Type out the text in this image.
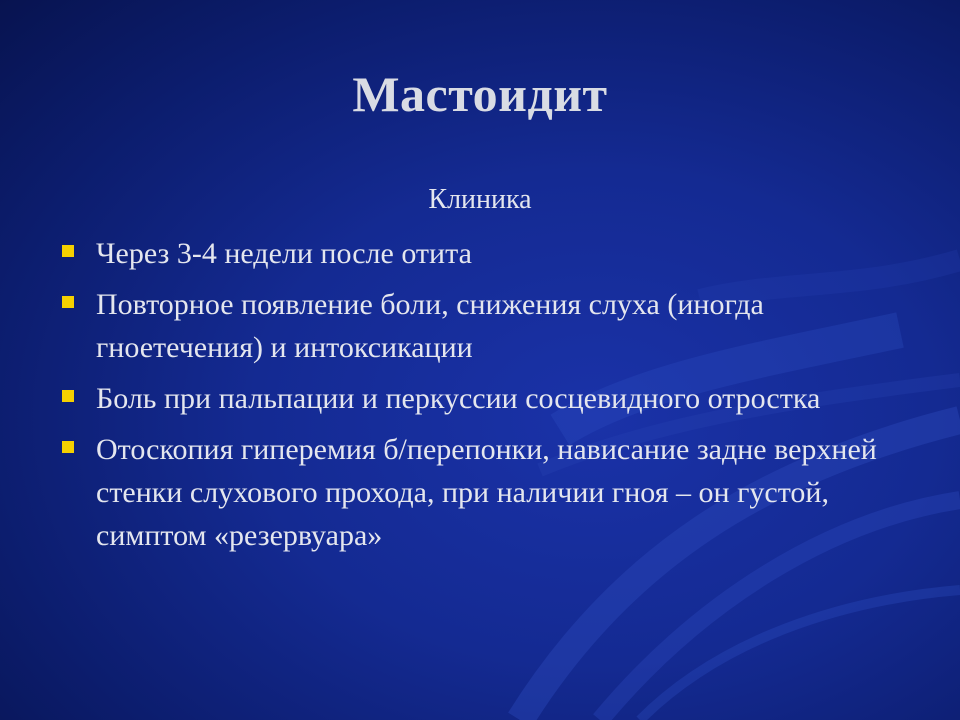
Мастоидит
Клиника
Через 3-4 недели после отита
Повторное появление боли, снижения слуха (иногда гноетечения) и интоксикации
Боль при пальпации и перкуссии сосцевидного отростка
Отоскопия гиперемия б/перепонки, нависание задне верхней стенки слухового прохода, при наличии гноя – он густой, симптом «резервуара»
